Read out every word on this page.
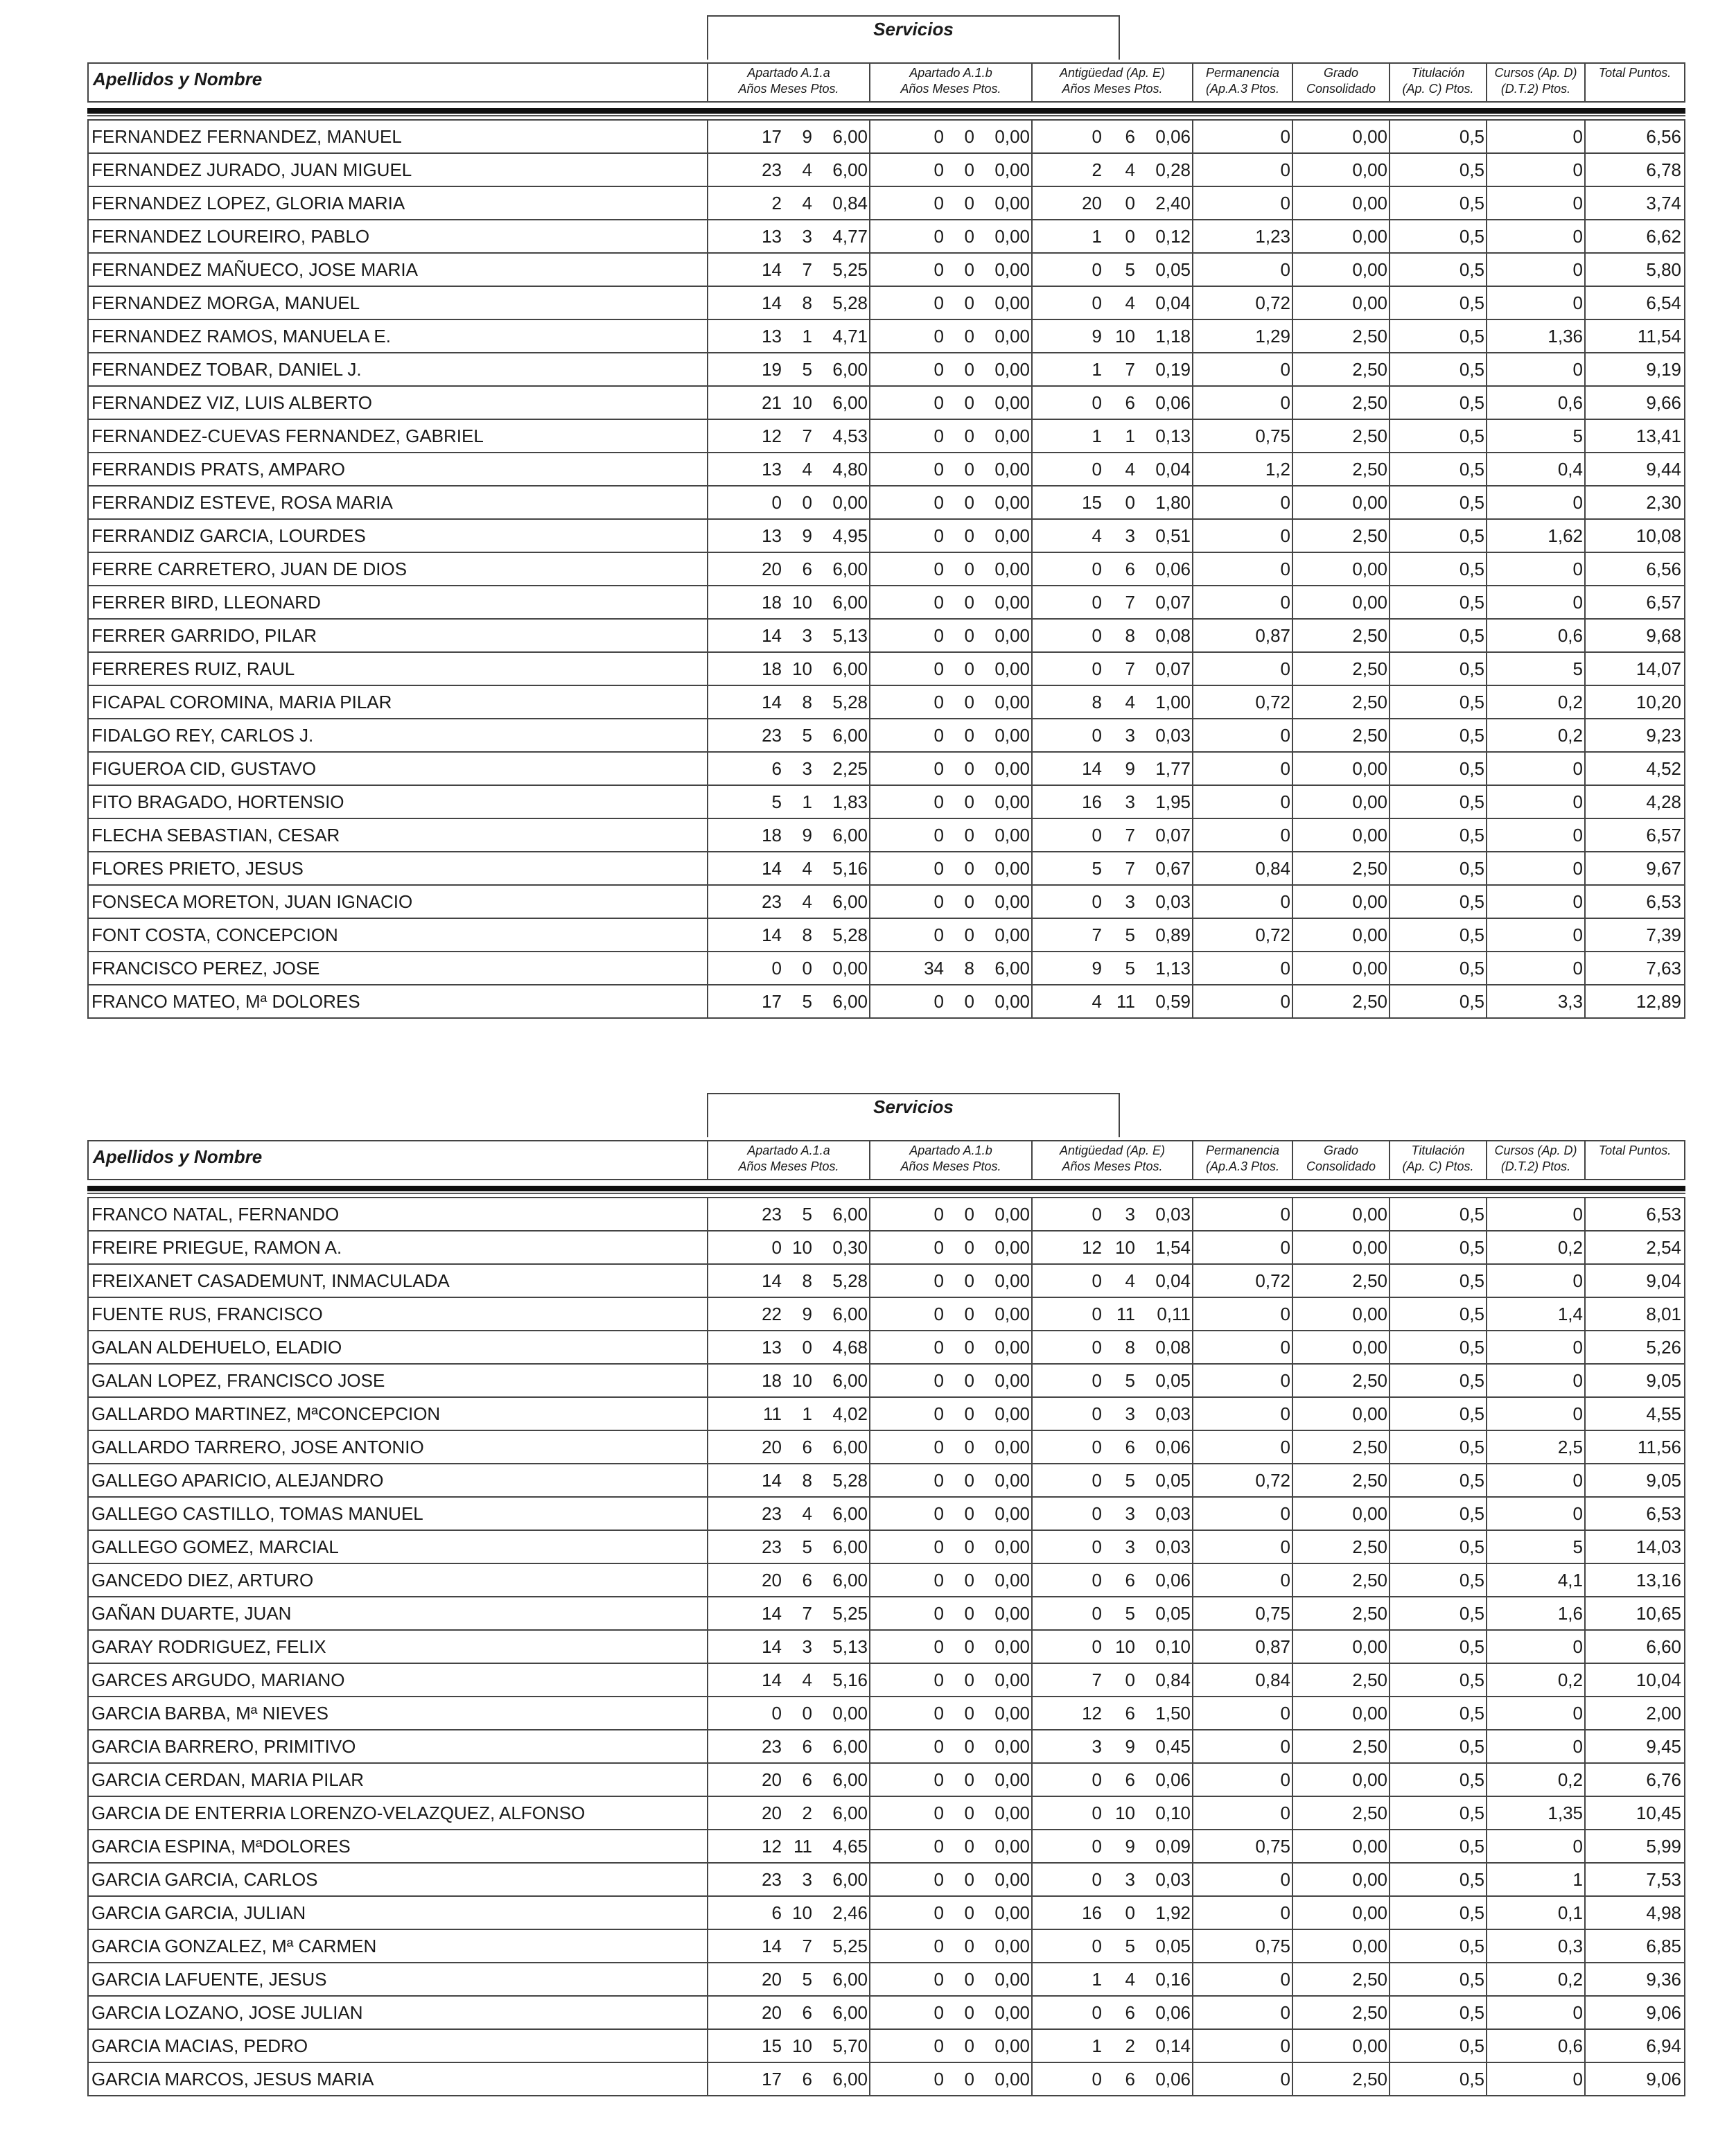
Servicios
Apellidos y Nombre	Apartado A.1.a
Años Meses Ptos.
Apartado A.1.b
Años Meses Ptos.
Antigüedad (Ap. E)
Años Meses Ptos.
Permanencia
(Ap.A.3 Ptos.
Grado
Consolidado
Titulación
(Ap. C) Ptos.
Cursos (Ap. D)
(D.T.2) Ptos.
Total Puntos.
FERNANDEZ FERNANDEZ, MANUEL	17	9	6,00	0	0	0,00	0	6	0,06	0	0,00	0,5	0	6,56
FERNANDEZ JURADO, JUAN MIGUEL	23	4	6,00	0	0	0,00	2	4	0,28	0	0,00	0,5	0	6,78
FERNANDEZ LOPEZ, GLORIA MARIA	2	4	0,84	0	0	0,00	20	0	2,40	0	0,00	0,5	0	3,74
FERNANDEZ LOUREIRO, PABLO	13	3	4,77	0	0	0,00	1	0	0,12	1,23	0,00	0,5	0	6,62
FERNANDEZ MAÑUECO, JOSE MARIA	14	7	5,25	0	0	0,00	0	5	0,05	0	0,00	0,5	0	5,80
FERNANDEZ MORGA, MANUEL	14	8	5,28	0	0	0,00	0	4	0,04	0,72	0,00	0,5	0	6,54
FERNANDEZ RAMOS, MANUELA E.	13	1	4,71	0	0	0,00	9 10	1,18	1,29	2,50	0,5	1,36	11,54
FERNANDEZ TOBAR, DANIEL J.	19	5	6,00	0	0	0,00	1	7	0,19	0	2,50	0,5	0	9,19
FERNANDEZ VIZ, LUIS ALBERTO	21 10	6,00	0	0	0,00	0	6	0,06	0	2,50	0,5	0,6	9,66
FERNANDEZ-CUEVAS FERNANDEZ, GABRIEL	12	7	4,53	0	0	0,00	1	1	0,13	0,75	2,50	0,5	5	13,41
FERRANDIS PRATS, AMPARO	13	4	4,80	0	0	0,00	0	4	0,04	1,2	2,50	0,5	0,4	9,44
FERRANDIZ ESTEVE, ROSA MARIA	0	0	0,00	0	0	0,00	15	0	1,80	0	0,00	0,5	0	2,30
FERRANDIZ GARCIA, LOURDES	13	9	4,95	0	0	0,00	4	3	0,51	0	2,50	0,5	1,62	10,08
FERRE CARRETERO, JUAN DE DIOS	20	6	6,00	0	0	0,00	0	6	0,06	0	0,00	0,5	0	6,56
FERRER BIRD, LLEONARD	18 10	6,00	0	0	0,00	0	7	0,07	0	0,00	0,5	0	6,57
FERRER GARRIDO, PILAR	14	3	5,13	0	0	0,00	0	8	0,08	0,87	2,50	0,5	0,6	9,68
FERRERES RUIZ, RAUL	18 10	6,00	0	0	0,00	0	7	0,07	0	2,50	0,5	5	14,07
FICAPAL COROMINA, MARIA PILAR	14	8	5,28	0	0	0,00	8	4	1,00	0,72	2,50	0,5	0,2	10,20
FIDALGO REY, CARLOS J.	23	5	6,00	0	0	0,00	0	3	0,03	0	2,50	0,5	0,2	9,23
FIGUEROA CID, GUSTAVO	6	3	2,25	0	0	0,00	14	9	1,77	0	0,00	0,5	0	4,52
FITO BRAGADO, HORTENSIO	5	1	1,83	0	0	0,00	16	3	1,95	0	0,00	0,5	0	4,28
FLECHA SEBASTIAN, CESAR	18	9	6,00	0	0	0,00	0	7	0,07	0	0,00	0,5	0	6,57
FLORES PRIETO, JESUS	14	4	5,16	0	0	0,00	5	7	0,67	0,84	2,50	0,5	0	9,67
FONSECA MORETON, JUAN IGNACIO	23	4	6,00	0	0	0,00	0	3	0,03	0	0,00	0,5	0	6,53
FONT COSTA, CONCEPCION	14	8	5,28	0	0	0,00	7	5	0,89	0,72	0,00	0,5	0	7,39
FRANCISCO PEREZ, JOSE	0	0	0,00	34	8	6,00	9	5	1,13	0	0,00	0,5	0	7,63
FRANCO MATEO, Mª DOLORES	17	5	6,00	0	0	0,00	4 11	0,59	0	2,50	0,5	3,3	12,89
Servicios
Apellidos y Nombre	Apartado A.1.a
Años Meses Ptos.
Apartado A.1.b
Años Meses Ptos.
Antigüedad (Ap. E)
Años Meses Ptos.
Permanencia
(Ap.A.3 Ptos.
Grado
Consolidado
Titulación
(Ap. C) Ptos.
Cursos (Ap. D)
(D.T.2) Ptos.
Total Puntos.
FRANCO NATAL, FERNANDO	23	5	6,00	0	0	0,00	0	3	0,03	0	0,00	0,5	0	6,53
FREIRE PRIEGUE, RAMON A.	0 10	0,30	0	0	0,00	12 10	1,54	0	0,00	0,5	0,2	2,54
FREIXANET CASADEMUNT, INMACULADA	14	8	5,28	0	0	0,00	0	4	0,04	0,72	2,50	0,5	0	9,04
FUENTE RUS, FRANCISCO	22	9	6,00	0	0	0,00	0 11	0,11	0	0,00	0,5	1,4	8,01
GALAN ALDEHUELO, ELADIO	13	0	4,68	0	0	0,00	0	8	0,08	0	0,00	0,5	0	5,26
GALAN LOPEZ, FRANCISCO JOSE	18 10	6,00	0	0	0,00	0	5	0,05	0	2,50	0,5	0	9,05
GALLARDO MARTINEZ, MªCONCEPCION	11	1	4,02	0	0	0,00	0	3	0,03	0	0,00	0,5	0	4,55
GALLARDO TARRERO, JOSE ANTONIO	20	6	6,00	0	0	0,00	0	6	0,06	0	2,50	0,5	2,5	11,56
GALLEGO APARICIO, ALEJANDRO	14	8	5,28	0	0	0,00	0	5	0,05	0,72	2,50	0,5	0	9,05
GALLEGO CASTILLO, TOMAS MANUEL	23	4	6,00	0	0	0,00	0	3	0,03	0	0,00	0,5	0	6,53
GALLEGO GOMEZ, MARCIAL	23	5	6,00	0	0	0,00	0	3	0,03	0	2,50	0,5	5	14,03
GANCEDO DIEZ, ARTURO	20	6	6,00	0	0	0,00	0	6	0,06	0	2,50	0,5	4,1	13,16
GAÑAN DUARTE, JUAN	14	7	5,25	0	0	0,00	0	5	0,05	0,75	2,50	0,5	1,6	10,65
GARAY RODRIGUEZ, FELIX	14	3	5,13	0	0	0,00	0 10	0,10	0,87	0,00	0,5	0	6,60
GARCES ARGUDO, MARIANO	14	4	5,16	0	0	0,00	7	0	0,84	0,84	2,50	0,5	0,2	10,04
GARCIA BARBA, Mª NIEVES	0	0	0,00	0	0	0,00	12	6	1,50	0	0,00	0,5	0	2,00
GARCIA BARRERO, PRIMITIVO	23	6	6,00	0	0	0,00	3	9	0,45	0	2,50	0,5	0	9,45
GARCIA CERDAN, MARIA PILAR	20	6	6,00	0	0	0,00	0	6	0,06	0	0,00	0,5	0,2	6,76
GARCIA DE ENTERRIA LORENZO-VELAZQUEZ, ALFONSO	20	2	6,00	0	0	0,00	0 10	0,10	0	2,50	0,5	1,35	10,45
GARCIA ESPINA, MªDOLORES	12 11	4,65	0	0	0,00	0	9	0,09	0,75	0,00	0,5	0	5,99
GARCIA GARCIA, CARLOS	23	3	6,00	0	0	0,00	0	3	0,03	0	0,00	0,5	1	7,53
GARCIA GARCIA, JULIAN	6 10	2,46	0	0	0,00	16	0	1,92	0	0,00	0,5	0,1	4,98
GARCIA GONZALEZ, Mª CARMEN	14	7	5,25	0	0	0,00	0	5	0,05	0,75	0,00	0,5	0,3	6,85
GARCIA LAFUENTE, JESUS	20	5	6,00	0	0	0,00	1	4	0,16	0	2,50	0,5	0,2	9,36
GARCIA LOZANO, JOSE JULIAN	20	6	6,00	0	0	0,00	0	6	0,06	0	2,50	0,5	0	9,06
GARCIA MACIAS, PEDRO	15 10	5,70	0	0	0,00	1	2	0,14	0	0,00	0,5	0,6	6,94
GARCIA MARCOS, JESUS MARIA	17	6	6,00	0	0	0,00	0	6	0,06	0	2,50	0,5	0	9,06
